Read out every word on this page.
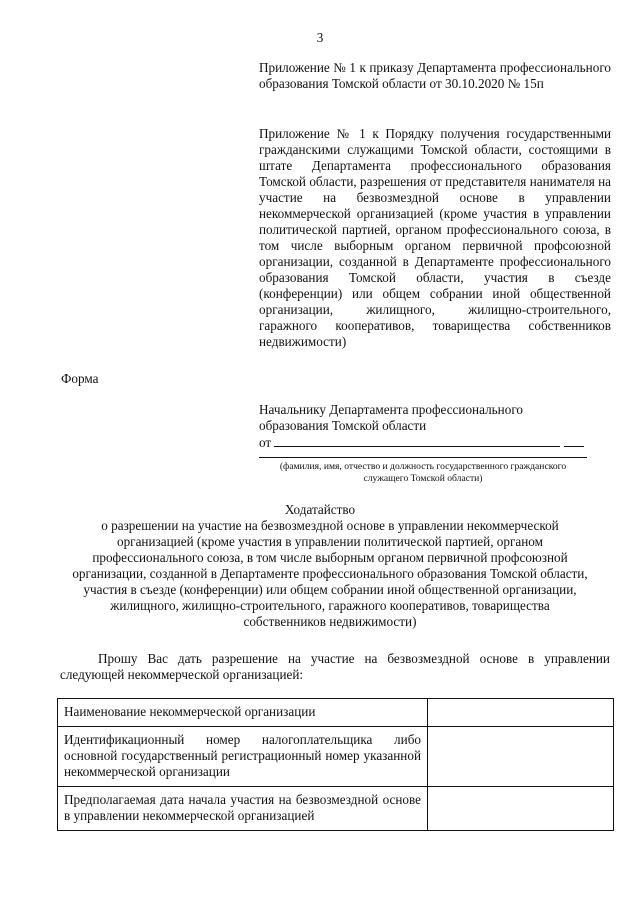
3
Приложение № 1 к приказу Департамента профессионального образования Томской области от 30.10.2020 № 15п
Приложение № 1 к Порядку получения государственными гражданскими служащими Томской области, состоящими в штате Департамента профессионального образования Томской области, разрешения от представителя нанимателя на участие на безвозмездной основе в управлении некоммерческой организацией (кроме участия в управлении политической партией, органом профессионального союза, в том числе выборным органом первичной профсоюзной организации, созданной в Департаменте профессионального образования Томской области, участия в съезде (конференции) или общем собрании иной общественной организации, жилищного, жилищно-строительного, гаражного кооперативов, товарищества собственников недвижимости)
Форма
Начальнику Департамента профессионального
образования Томской области
от
(фамилия, имя, отчество и должность государственного гражданского служащего Томской области)
Ходатайство
о разрешении на участие на безвозмездной основе в управлении некоммерческой организацией (кроме участия в управлении политической партией, органом профессионального союза, в том числе выборным органом первичной профсоюзной организации, созданной в Департаменте профессионального образования Томской области, участия в съезде (конференции) или общем собрании иной общественной организации, жилищного, жилищно-строительного, гаражного кооперативов, товарищества собственников недвижимости)
Прошу Вас дать разрешение на участие на безвозмездной основе в управлении следующей некоммерческой организацией:
Наименование некоммерческой организации	
Идентификационный номер налогоплательщика либо основной государственный регистрационный номер указанной некоммерческой организации	
Предполагаемая дата начала участия на безвозмездной основе в управлении некоммерческой организацией	
